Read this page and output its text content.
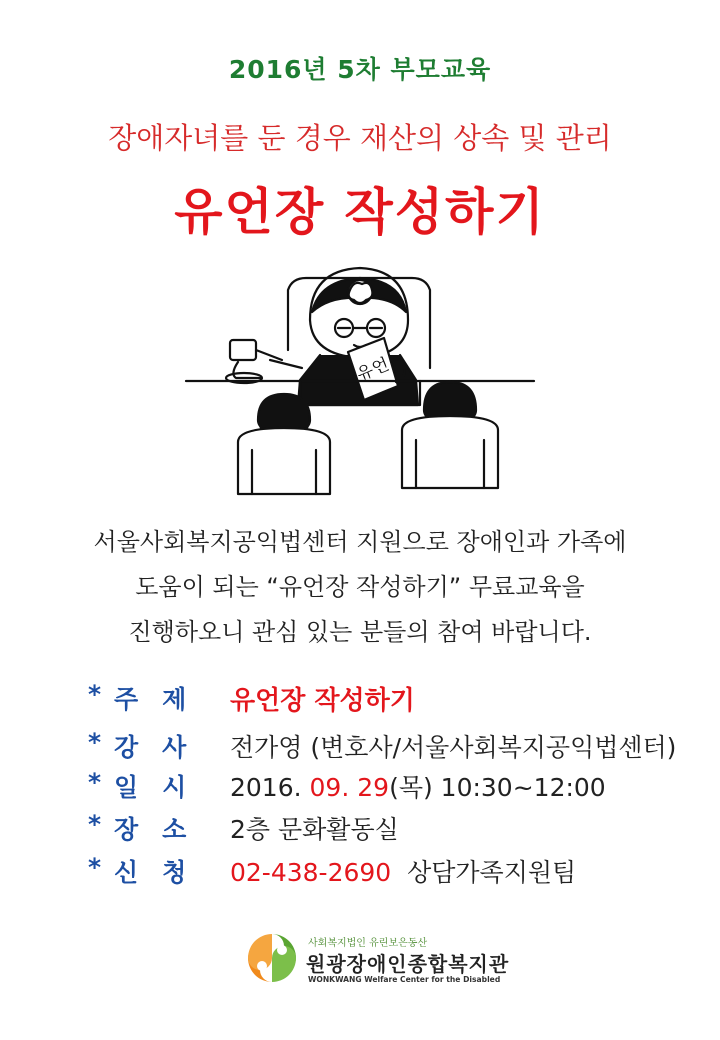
2016년 5차 부모교육
장애자녀를 둔 경우 재산의 상속 및 관리
유언장 작성하기
유언
서울사회복지공익법센터 지원으로 장애인과 가족에
도움이 되는 “유언장 작성하기” 무료교육을
진행하오니 관심 있는 분들의 참여 바랍니다.
* 주제 유언장 작성하기
* 강사 전가영 (변호사/서울사회복지공익법센터)
* 일시 2016. 09. 29(목) 10:30~12:00
* 장소 2층 문화활동실
* 신청 02-438-2690 상담가족지원팀
사회복지법인 유린보은동산
원광장애인종합복지관
WONKWANG Welfare Center for the Disabled
